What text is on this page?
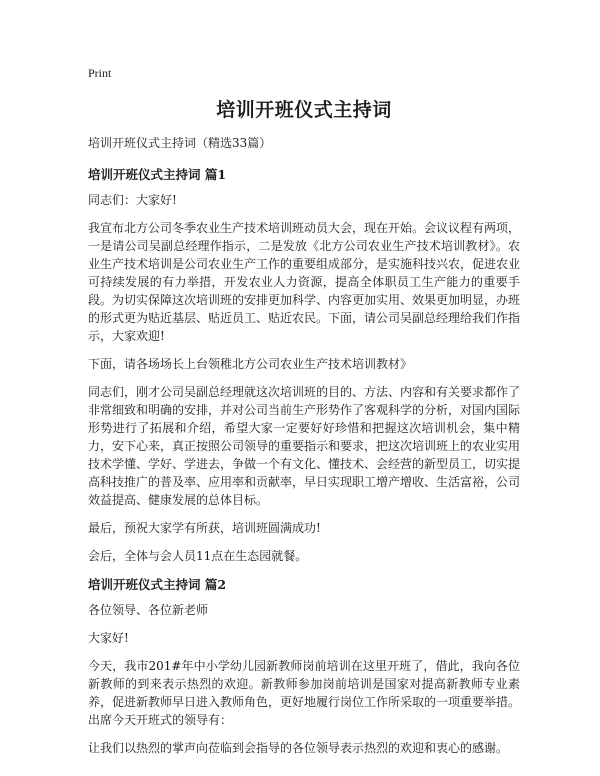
Print
培训开班仪式主持词
培训开班仪式主持词（精选33篇）
培训开班仪式主持词 篇1
同志们：大家好!
我宣布北方公司冬季农业生产技术培训班动员大会，现在开始。会议议程有两项，一是请公司吴副总经理作指示，二是发放《北方公司农业生产技术培训教材》。农业生产技术培训是公司农业生产工作的重要组成部分，是实施科技兴农，促进农业可持续发展的有力举措，开发农业人力资源，提高全体职员工生产能力的重要手段。为切实保障这次培训班的安排更加科学、内容更加实用、效果更加明显，办班的形式更为贴近基层、贴近员工、贴近农民。下面，请公司吴副总经理给我们作指示，大家欢迎!
下面，请各场场长上台领稚北方公司农业生产技术培训教材》
同志们，刚才公司吴副总经理就这次培训班的目的、方法、内容和有关要求都作了非常细致和明确的安排，并对公司当前生产形势作了客观科学的分析，对国内国际形势进行了拓展和介绍，希望大家一定要好好珍惜和把握这次培训机会，集中精力，安下心来，真正按照公司领导的重要指示和要求，把这次培训班上的农业实用技术学懂、学好、学进去，争做一个有文化、懂技术、会经营的新型员工，切实提高科技推广的普及率、应用率和贡献率，早日实现职工增产增收、生活富裕，公司效益提高、健康发展的总体目标。
最后，预祝大家学有所获，培训班圆满成功!
会后，全体与会人员11点在生态园就餐。
培训开班仪式主持词 篇2
各位领导、各位新老师
大家好!
今天，我市201#年中小学幼儿园新教师岗前培训在这里开班了，借此，我向各位新教师的到来表示热烈的欢迎。新教师参加岗前培训是国家对提高新教师专业素养，促进新教师早日进入教师角色，更好地履行岗位工作所采取的一项重要举措。出席今天开班式的领导有：
让我们以热烈的掌声向莅临到会指导的各位领导表示热烈的欢迎和衷心的感谢。
